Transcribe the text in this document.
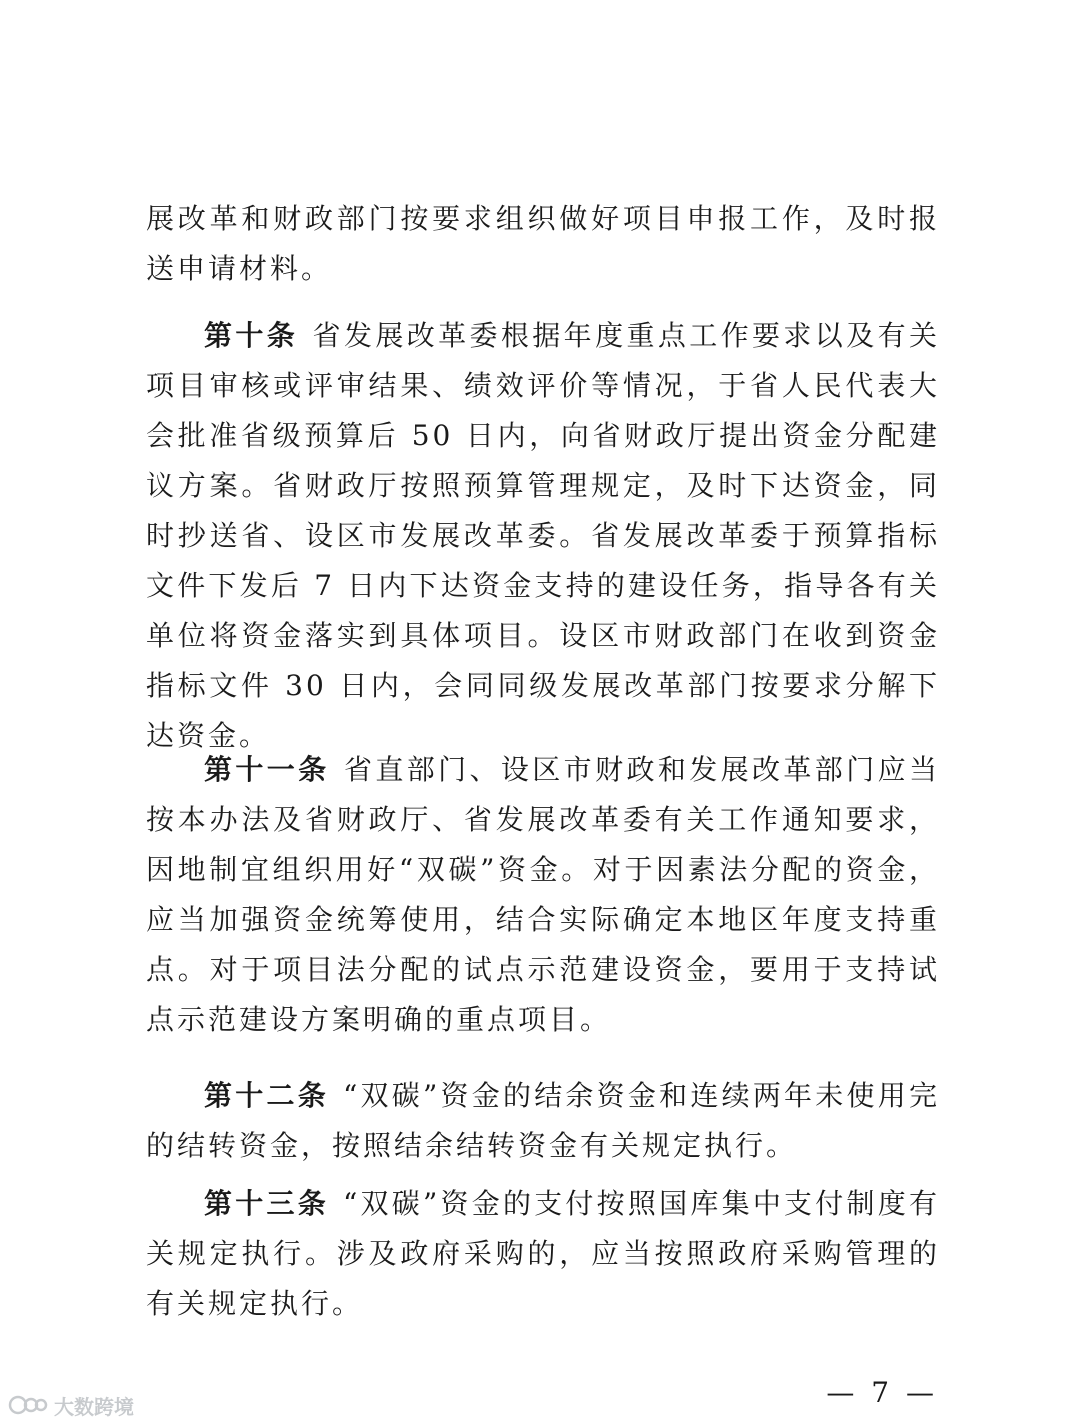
展改革和财政部门按要求组织做好项目申报工作，及时报送申请材料。

第十条 省发展改革委根据年度重点工作要求以及有关项目审核或评审结果、绩效评价等情况，于省人民代表大会批准省级预算后 50 日内，向省财政厅提出资金分配建议方案。省财政厅按照预算管理规定，及时下达资金，同时抄送省、设区市发展改革委。省发展改革委于预算指标文件下发后 7 日内下达资金支持的建设任务，指导各有关单位将资金落实到具体项目。设区市财政部门在收到资金指标文件 30 日内，会同同级发展改革部门按要求分解下达资金。

第十一条 省直部门、设区市财政和发展改革部门应当按本办法及省财政厅、省发展改革委有关工作通知要求，因地制宜组织用好“双碳”资金。对于因素法分配的资金，应当加强资金统筹使用，结合实际确定本地区年度支持重点。对于项目法分配的试点示范建设资金，要用于支持试点示范建设方案明确的重点项目。

第十二条 “双碳”资金的结余资金和连续两年未使用完的结转资金，按照结余结转资金有关规定执行。

第十三条 “双碳”资金的支付按照国库集中支付制度有关规定执行。涉及政府采购的，应当按照政府采购管理的有关规定执行。

— 7 —
大数跨境
